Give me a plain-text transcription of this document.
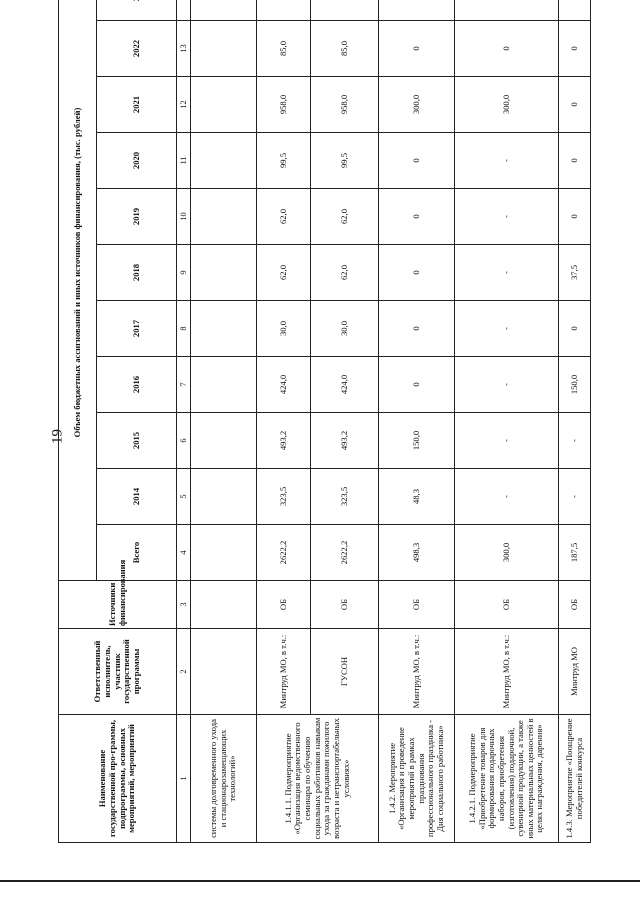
19
Наименование государственной про-граммы, подпрограммы, основных мероприятий, мероприятий	Ответственный исполнитель, участник государственной программы	Источники финансирования	Объем бюджетных ассигнований и иных источников финансирования, (тыс. рублей)										
			Всего	2014	2015	2016	2017	2018	2019	2020	2021	2022	
1	2	3	4	5	6	7	8	9	10	11	12	13	
системы долговременного ухода и стационарозамещающих технологий»													
1.4.1.1. Подмероприятие «Организация ведомственного семинара по обучению социальных работников навыкам ухода за гражданами пожилого возраста и нетранспортабельных условиях»	Минтруд МО, в т.ч.:	ОБ	2622,2	323,5	493,2	424,0	30,0	62,0	62,0	99,5	958,0	85,0	
	ГУСОН	ОБ	2622,2	323,5	493,2	424,0	30,0	62,0	62,0	99,5	958,0	85,0	
1.4.2. Мероприятие «Организация и проведение мероприятий в рамках празднования профессионального праздника - Дня социального работника»	Минтруд МО, в т.ч.:	ОБ	498,3	48,3	150,0	0	0	0	0	0	300,0	0	
1.4.2.1. Подмероприятие «Приобретение товаров для формирования подарочных наборов, приобретения (изготовления) подарочной, сувенирной продукции, а также иных материальных ценностей в целях награждения, дарения»	Минтруд МО, в т.ч.:	ОБ	300,0	-	-	-	-	-	-	-	300,0	0	
1.4.3. Мероприятие «Поощрение победителей конкурса	Минтруд МО	ОБ	187,5	-	-	150,0	0	37,5	0	0	0	0	
